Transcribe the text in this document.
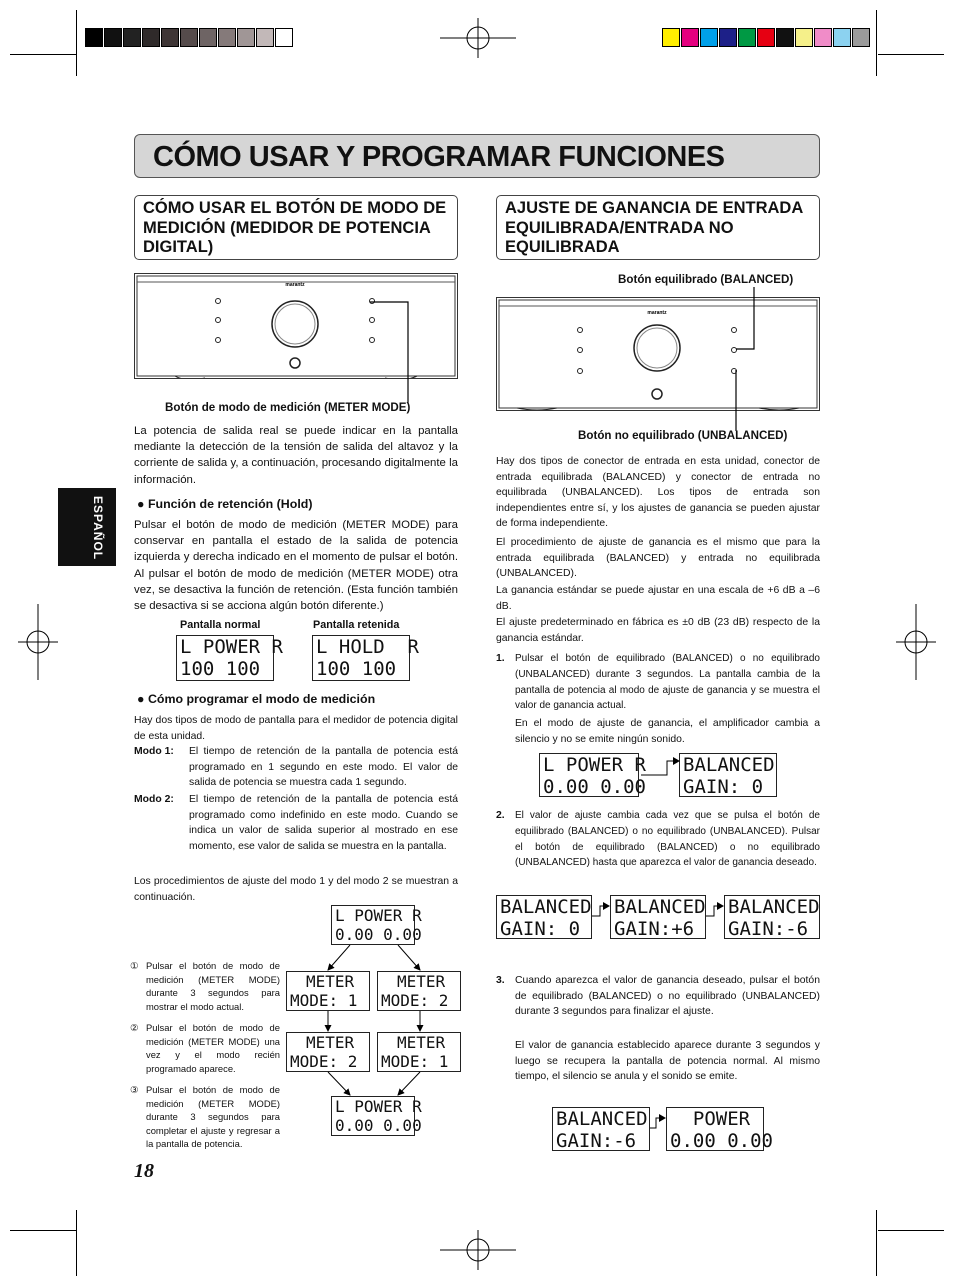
CÓMO USAR Y PROGRAMAR FUNCIONES
ESPAÑOL
CÓMO USAR EL BOTÓN DE MODO DE MEDICIÓN (MEDIDOR DE POTENCIA DIGITAL)
marantz
Botón de modo de medición (METER MODE)
La potencia de salida real se puede indicar en la pantalla mediante la detección de la tensión de salida del altavoz y la corriente de salida y, a continuación, procesando digitalmente la información.
● Función de retención (Hold)
Pulsar el botón de modo de medición (METER MODE) para conservar en pantalla el estado de la salida de potencia izquierda y derecha indicado en el momento de pulsar el botón. Al pulsar el botón de modo de medición (METER MODE) otra vez, se desactiva la función de retención. (Esta función también se desactiva si se acciona algún botón diferente.)
Pantalla normal	Pantalla retenida
L POWER R
100 100
L HOLD  R
100 100
● Cómo programar el modo de medición
Hay dos tipos de modo de pantalla para el medidor de potencia digital de esta unidad.
Modo 1: El tiempo de retención de la pantalla de potencia está programado en 1 segundo en este modo. El valor de salida de potencia se muestra cada 1 segundo.
Modo 2: El tiempo de retención de la pantalla de potencia está programado como indefinido en este modo. Cuando se indica un valor de salida superior al mostrado en ese momento, ese valor de salida se muestra en la pantalla.
Los procedimientos de ajuste del modo 1 y del modo 2 se muestran a continuación.
① Pulsar el botón de modo de medición (METER MODE) durante 3 segundos para mostrar el modo actual.
② Pulsar el botón de modo de medición (METER MODE) una vez y el modo recién programado aparece.
③ Pulsar el botón de modo de medición (METER MODE) durante 3 segundos para completar el ajuste y regresar a la pantalla de potencia.
L POWER R
0.00 0.00
METER
MODE: 1
METER
MODE: 2
METER
MODE: 2
METER
MODE: 1
L POWER R
0.00 0.00
18
AJUSTE DE GANANCIA DE ENTRADA EQUILIBRADA/ENTRADA NO EQUILIBRADA
Botón equilibrado (BALANCED)
marantz
Botón no equilibrado (UNBALANCED)
Hay dos tipos de conector de entrada en esta unidad, conector de entrada equilibrada (BALANCED) y conector de entrada no equilibrada (UNBALANCED). Los tipos de entrada son independientes entre sí, y los ajustes de ganancia se pueden ajustar de forma independiente.
El procedimiento de ajuste de ganancia es el mismo que para la entrada equilibrada (BALANCED) y entrada no equilibrada (UNBALANCED).
La ganancia estándar se puede ajustar en una escala de +6 dB a –6 dB.
El ajuste predeterminado en fábrica es ±0 dB (23 dB) respecto de la ganancia estándar.
1. Pulsar el botón de equilibrado (BALANCED) o no equilibrado (UNBALANCED) durante 3 segundos. La pantalla cambia de la pantalla de potencia al modo de ajuste de ganancia y se muestra el valor de ganancia actual.
En el modo de ajuste de ganancia, el amplificador cambia a silencio y no se emite ningún sonido.
L POWER R
0.00 0.00
BALANCED
GAIN: 0
2. El valor de ajuste cambia cada vez que se pulsa el botón de equilibrado (BALANCED) o no equilibrado (UNBALANCED). Pulsar el botón de equilibrado (BALANCED) o no equilibrado (UNBALANCED) hasta que aparezca el valor de ganancia deseado.
BALANCED
GAIN: 0
BALANCED
GAIN:+6
BALANCED
GAIN:-6
3. Cuando aparezca el valor de ganancia deseado, pulsar el botón de equilibrado (BALANCED) o no equilibrado (UNBALANCED) durante 3 segundos para finalizar el ajuste.
El valor de ganancia establecido aparece durante 3 segundos y luego se recupera la pantalla de potencia normal. Al mismo tiempo, el silencio se anula y el sonido se emite.
BALANCED
GAIN:-6
POWER
0.00 0.00
